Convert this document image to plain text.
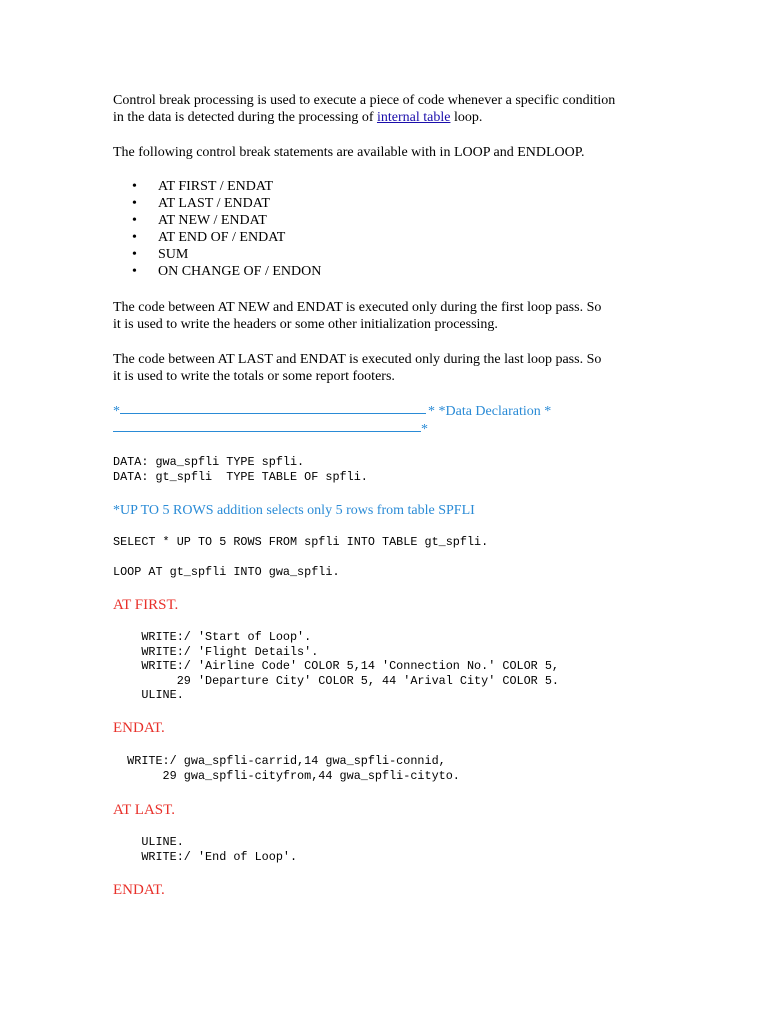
Control break processing is used to execute a piece of code whenever a specific condition
in the data is detected during the processing of internal table loop.

The following control break statements are available with in LOOP and ENDLOOP.

• AT FIRST / ENDAT
• AT LAST / ENDAT
• AT NEW / ENDAT
• AT END OF / ENDAT
• SUM
• ON CHANGE OF / ENDON

The code between AT NEW and ENDAT is executed only during the first loop pass. So
it is used to write the headers or some other initialization processing.

The code between AT LAST and ENDAT is executed only during the last loop pass. So
it is used to write the totals or some report footers.

*	* *Data Declaration *
*
DATA: gwa_spfli TYPE spfli.
DATA: gt_spfli  TYPE TABLE OF spfli.

*UP TO 5 ROWS addition selects only 5 rows from table SPFLI

SELECT * UP TO 5 ROWS FROM spfli INTO TABLE gt_spfli.
LOOP AT gt_spfli INTO gwa_spfli.

AT FIRST.

WRITE:/ 'Start of Loop'.
WRITE:/ 'Flight Details'.
WRITE:/ 'Airline Code' COLOR 5,14 'Connection No.' COLOR 5,
29 'Departure City' COLOR 5, 44 'Arival City' COLOR 5.
ULINE.

ENDAT.

WRITE:/ gwa_spfli-carrid,14 gwa_spfli-connid,
29 gwa_spfli-cityfrom,44 gwa_spfli-cityto.

AT LAST.

ULINE.
WRITE:/ 'End of Loop'.

ENDAT.
